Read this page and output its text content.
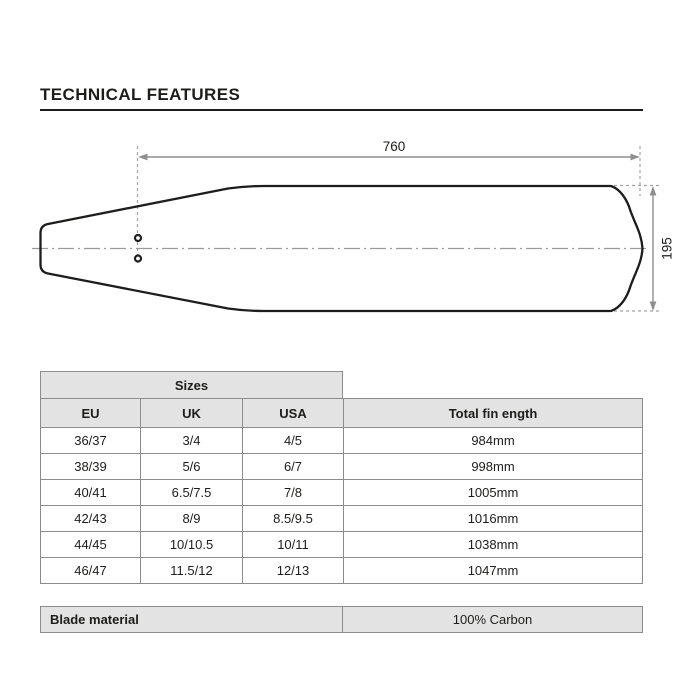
TECHNICAL FEATURES
760
195
Sizes
EU	UK	USA	Total fin ength
36/37	3/4	4/5	984mm
38/39	5/6	6/7	998mm
40/41	6.5/7.5	7/8	1005mm
42/43	8/9	8.5/9.5	1016mm
44/45	10/10.5	10/11	1038mm
46/47	11.5/12	12/13	1047mm
Blade material	100% Carbon
